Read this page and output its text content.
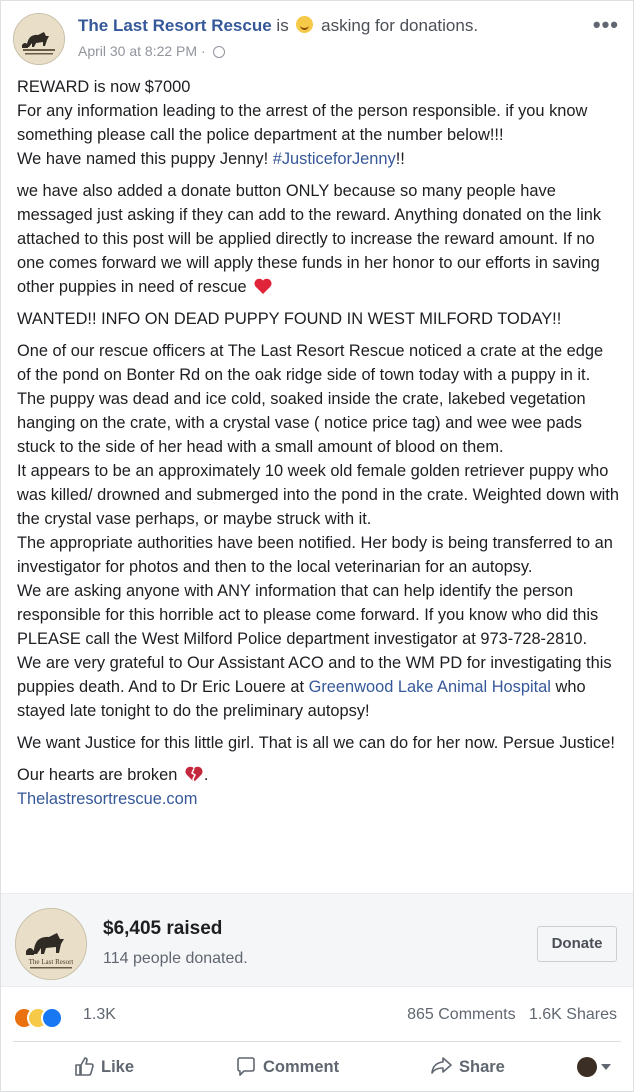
The Last Resort Rescue is asking for donations.
April 30 at 8:22 PM ·
•••

REWARD is now $7000
For any information leading to the arrest of the person responsible. if you know something please call the police department at the number below!!!
We have named this puppy Jenny! #JusticeforJenny!!

we have also added a donate button ONLY because so many people have messaged just asking if they can add to the reward. Anything donated on the link attached to this post will be applied directly to increase the reward amount. If no one comes forward we will apply these funds in her honor to our efforts in saving other puppies in need of rescue

WANTED!! INFO ON DEAD PUPPY FOUND IN WEST MILFORD TODAY!!

One of our rescue officers at The Last Resort Rescue noticed a crate at the edge of the pond on Bonter Rd on the oak ridge side of town today with a puppy in it. The puppy was dead and ice cold, soaked inside the crate, lakebed vegetation hanging on the crate, with a crystal vase ( notice price tag) and wee wee pads stuck to the side of her head with a small amount of blood on them.
It appears to be an approximately 10 week old female golden retriever puppy who was killed/ drowned and submerged into the pond in the crate. Weighted down with the crystal vase perhaps, or maybe struck with it.
The appropriate authorities have been notified. Her body is being transferred to an investigator for photos and then to the local veterinarian for an autopsy.
We are asking anyone with ANY information that can help identify the person responsible for this horrible act to please come forward. If you know who did this PLEASE call the West Milford Police department investigator at 973-728-2810.
We are very grateful to Our Assistant ACO and to the WM PD for investigating this puppies death. And to Dr Eric Louere at Greenwood Lake Animal Hospital who stayed late tonight to do the preliminary autopsy!

We want Justice for this little girl. That is all we can do for her now. Persue Justice!

Our hearts are broken .
Thelastresortrescue.com

The Last Resort
$6,405 raised
114 people donated.
Donate
1.3K	865 Comments 1.6K Shares
Like	Comment	Share
